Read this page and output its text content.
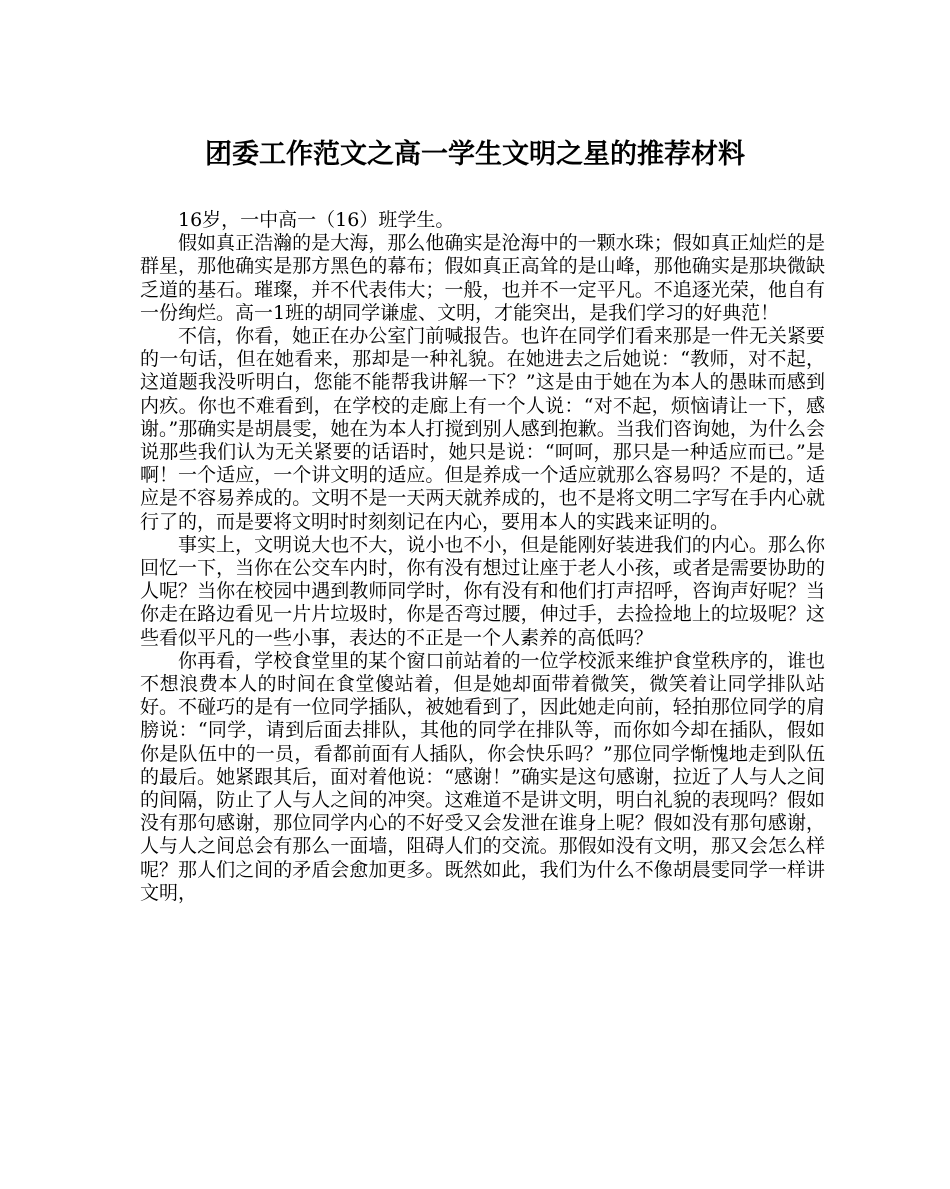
团委工作范文之高一学生文明之星的推荐材料

16岁，一中高一（16）班学生。

假如真正浩瀚的是大海，那么他确实是沧海中的一颗水珠；假如真正灿烂的是群星，那他确实是那方黑色的幕布；假如真正高耸的是山峰，那他确实是那块微缺乏道的基石。璀璨，并不代表伟大；一般，也并不一定平凡。不追逐光荣，他自有一份绚烂。高一1班的胡同学谦虚、文明，才能突出，是我们学习的好典范！

不信，你看，她正在办公室门前喊报告。也许在同学们看来那是一件无关紧要的一句话，但在她看来，那却是一种礼貌。在她进去之后她说：“教师，对不起，这道题我没听明白，您能不能帮我讲解一下？”这是由于她在为本人的愚昧而感到内疚。你也不难看到，在学校的走廊上有一个人说：“对不起，烦恼请让一下，感谢。”那确实是胡晨雯，她在为本人打搅到别人感到抱歉。当我们咨询她，为什么会说那些我们认为无关紧要的话语时，她只是说：“呵呵，那只是一种适应而已。”是啊！一个适应，一个讲文明的适应。但是养成一个适应就那么容易吗？不是的，适应是不容易养成的。文明不是一天两天就养成的，也不是将文明二字写在手内心就行了的，而是要将文明时时刻刻记在内心，要用本人的实践来证明的。

事实上，文明说大也不大，说小也不小，但是能刚好装进我们的内心。那么你回忆一下，当你在公交车内时，你有没有想过让座于老人小孩，或者是需要协助的人呢？当你在校园中遇到教师同学时，你有没有和他们打声招呼，咨询声好呢？当你走在路边看见一片片垃圾时，你是否弯过腰，伸过手，去捡捡地上的垃圾呢？这些看似平凡的一些小事，表达的不正是一个人素养的高低吗？

你再看，学校食堂里的某个窗口前站着的一位学校派来维护食堂秩序的，谁也不想浪费本人的时间在食堂傻站着，但是她却面带着微笑，微笑着让同学排队站好。不碰巧的是有一位同学插队，被她看到了，因此她走向前，轻拍那位同学的肩膀说：“同学，请到后面去排队，其他的同学在排队等，而你如今却在插队，假如你是队伍中的一员，看都前面有人插队，你会快乐吗？”那位同学惭愧地走到队伍的最后。她紧跟其后，面对着他说：“感谢！”确实是这句感谢，拉近了人与人之间的间隔，防止了人与人之间的冲突。这难道不是讲文明，明白礼貌的表现吗？假如没有那句感谢，那位同学内心的不好受又会发泄在谁身上呢？假如没有那句感谢，人与人之间总会有那么一面墙，阻碍人们的交流。那假如没有文明，那又会怎么样呢？那人们之间的矛盾会愈加更多。既然如此，我们为什么不像胡晨雯同学一样讲文明，
